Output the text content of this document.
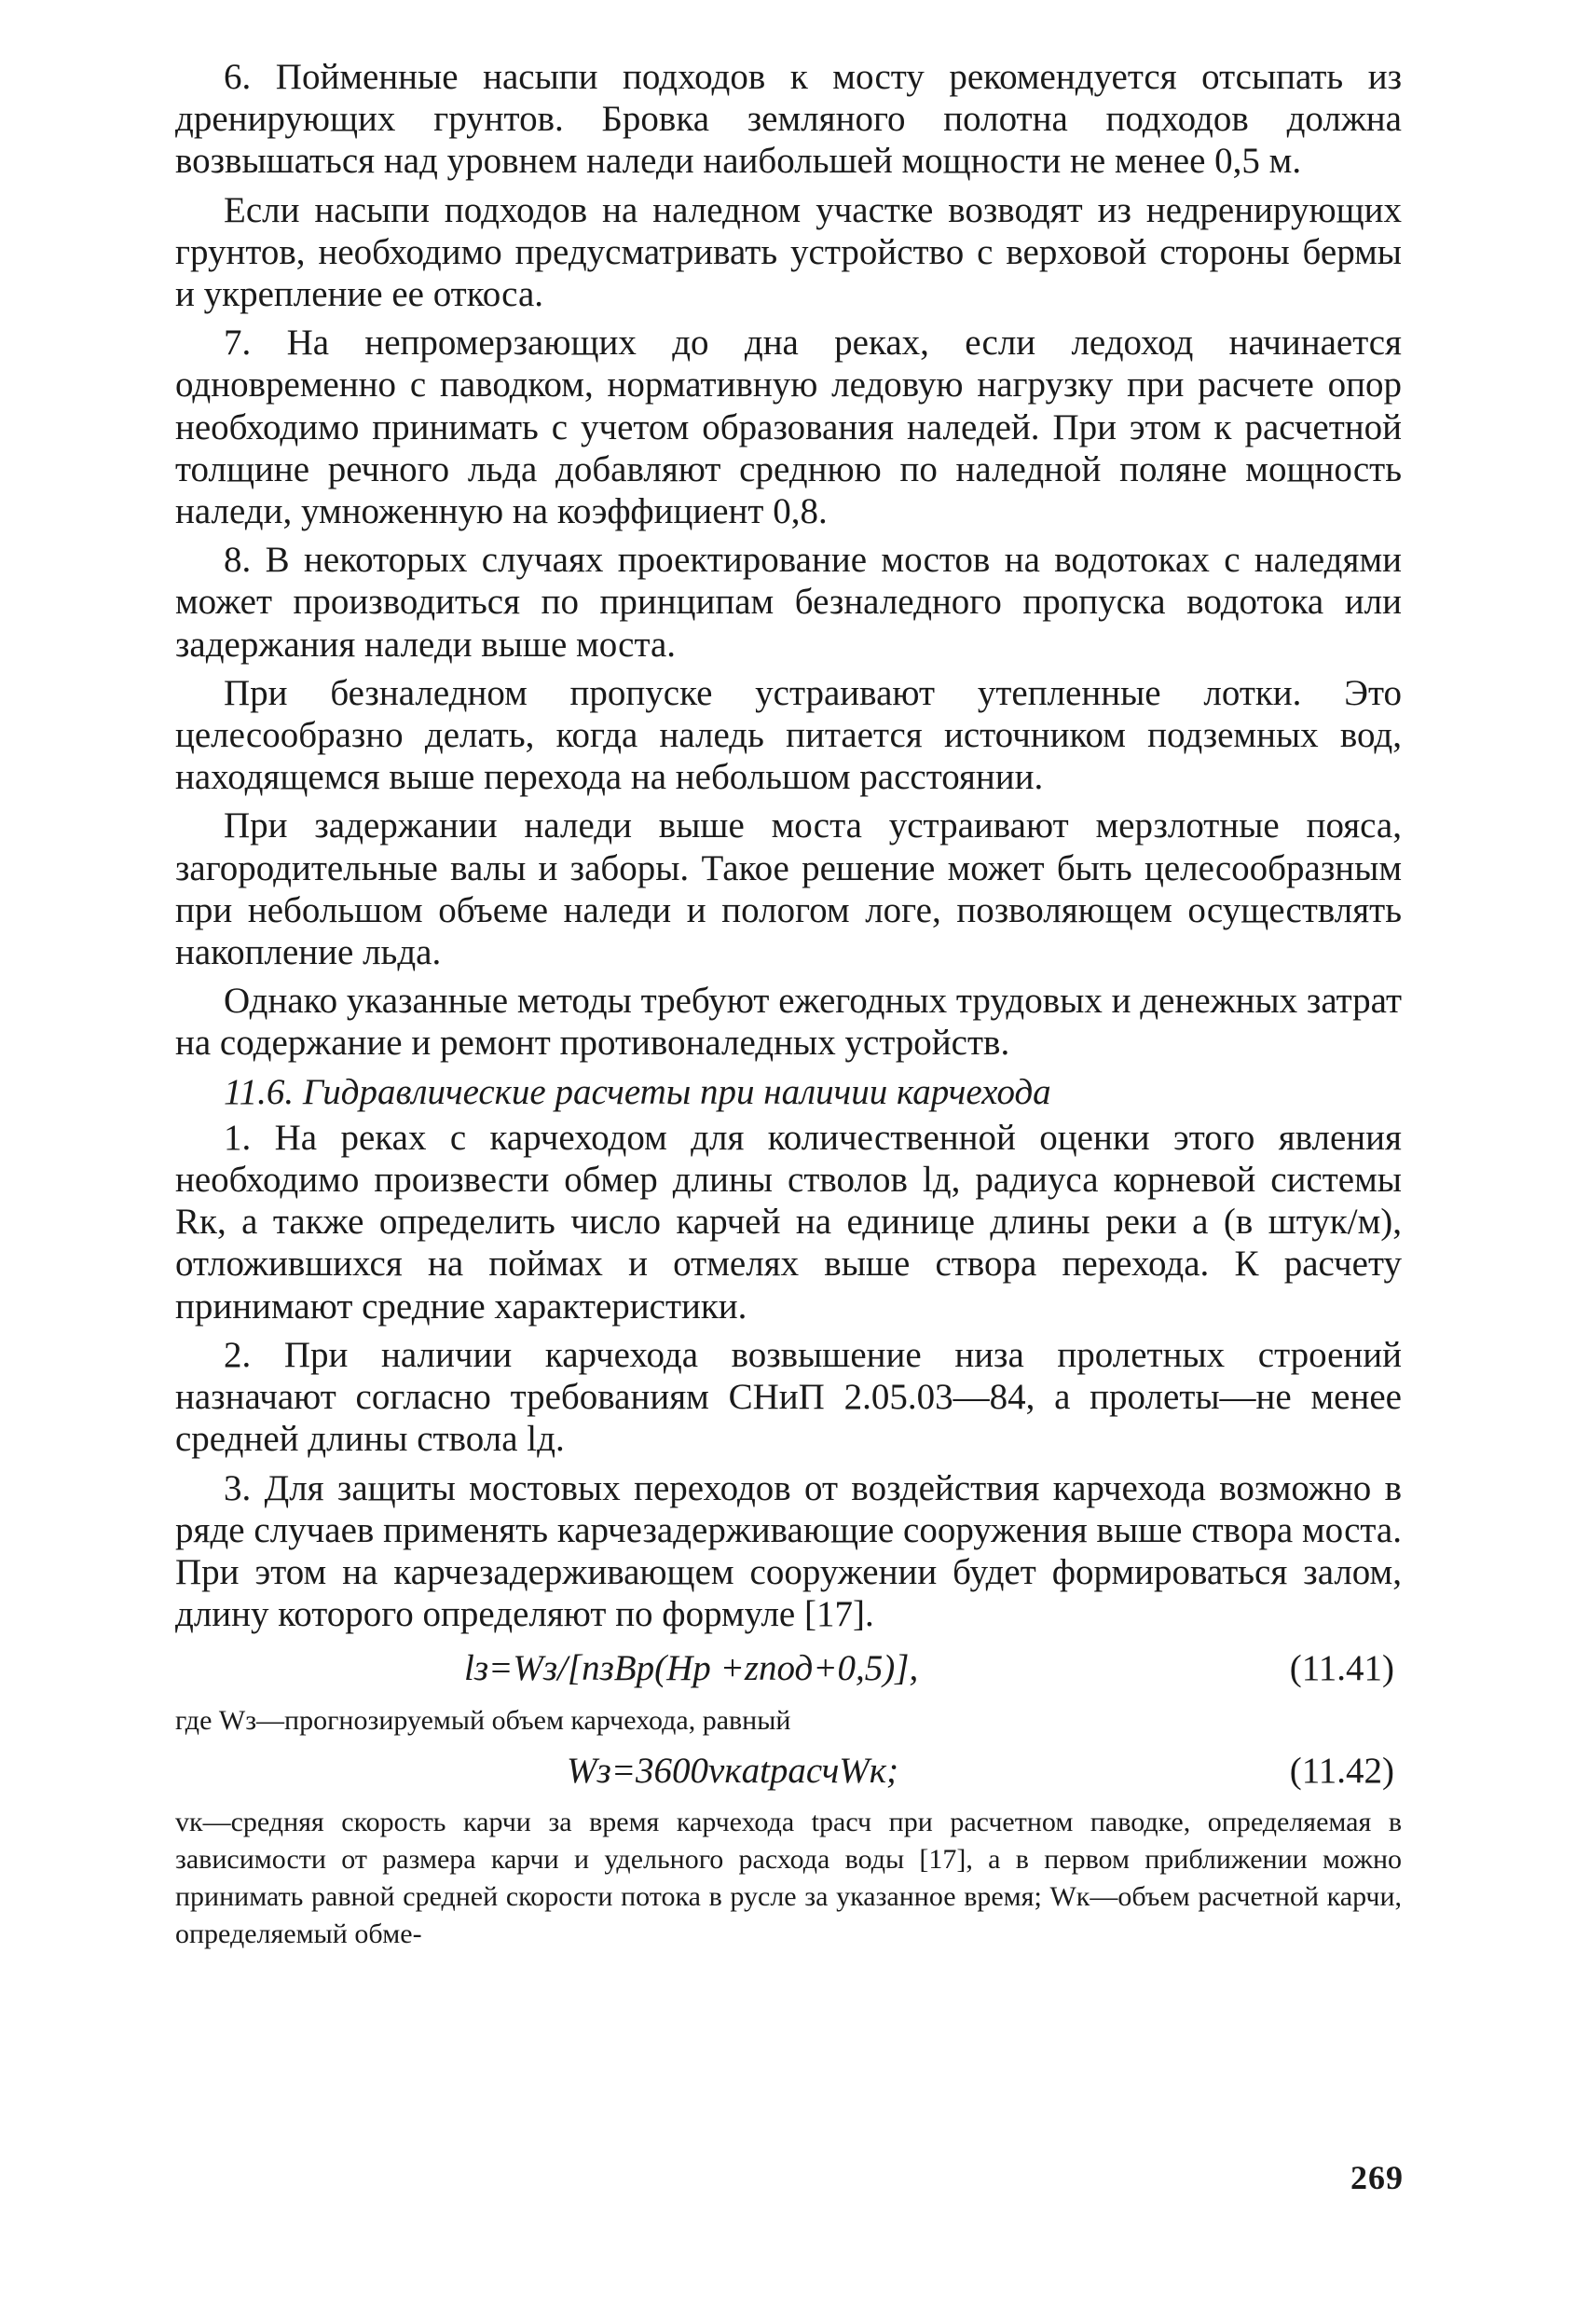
6. Пойменные насыпи подходов к мосту рекомендуется отсыпать из дренирующих грунтов. Бровка земляного полотна подходов должна возвышаться над уровнем наледи наибольшей мощности не менее 0,5 м.

Если насыпи подходов на наледном участке возводят из недренирующих грунтов, необходимо предусматривать устройство с верховой стороны бермы и укрепление ее откоса.

7. На непромерзающих до дна реках, если ледоход начинается одновременно с паводком, нормативную ледовую нагрузку при расчете опор необходимо принимать с учетом образования наледей. При этом к расчетной толщине речного льда добавляют среднюю по наледной поляне мощность наледи, умноженную на коэффициент 0,8.

8. В некоторых случаях проектирование мостов на водотоках с наледями может производиться по принципам безналедного пропуска водотока или задержания наледи выше моста.

При безналедном пропуске устраивают утепленные лотки. Это целесообразно делать, когда наледь питается источником подземных вод, находящемся выше перехода на небольшом расстоянии.

При задержании наледи выше моста устраивают мерзлотные пояса, загородительные валы и заборы. Такое решение может быть целесообразным при небольшом объеме наледи и пологом логе, позволяющем осуществлять накопление льда.

Однако указанные методы требуют ежегодных трудовых и денежных затрат на содержание и ремонт противоналедных устройств.

11.6. Гидравлические расчеты при наличии карчехода

1. На реках с карчеходом для количественной оценки этого явления необходимо произвести обмер длины стволов lд, радиуса корневой системы Rк, а также определить число карчей на единице длины реки a (в штук/м), отложившихся на поймах и отмелях выше створа перехода. К расчету принимают средние характеристики.

2. При наличии карчехода возвышение низа пролетных строений назначают согласно требованиям СНиП 2.05.03—84, а пролеты—не менее средней длины ствола lд.

3. Для защиты мостовых переходов от воздействия карчехода возможно в ряде случаев применять карчезадерживающие сооружения выше створа моста. При этом на карчезадерживающем сооружении будет формироваться залом, длину которого определяют по формуле [17].

lз=Wз/[nзBр(Hр +zпод+0,5)],	(11.41)

где Wз—прогнозируемый объем карчехода, равный

Wз=3600vкatрасчWк;	(11.42)

vк—средняя скорость карчи за время карчехода tрасч при расчетном паводке, определяемая в зависимости от размера карчи и удельного расхода воды [17], а в первом приближении можно принимать равной средней скорости потока в русле за указанное время; Wк—объем расчетной карчи, определяемый обме-

269
